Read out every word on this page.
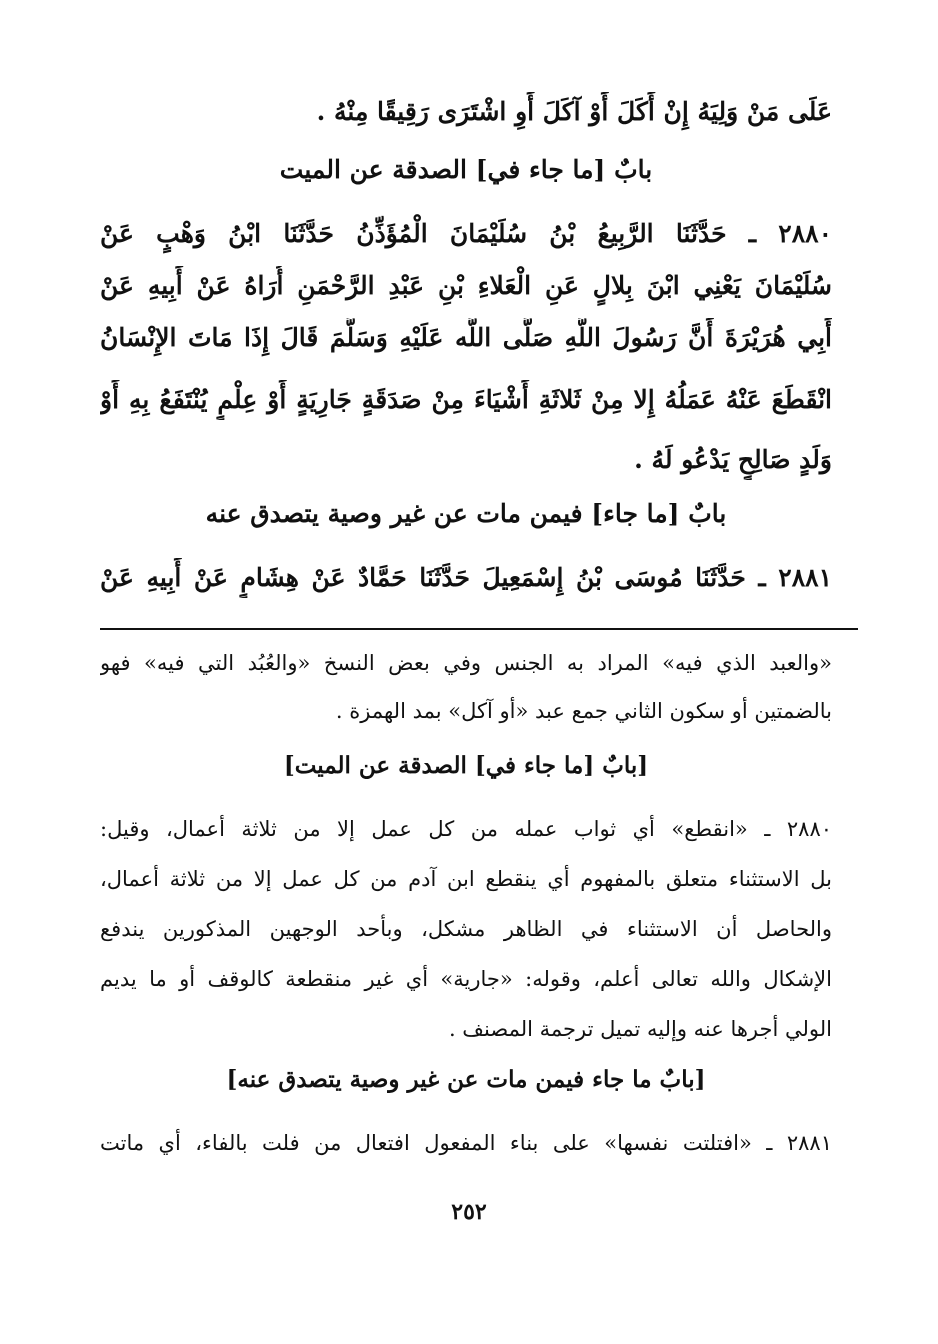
عَلَى مَنْ وَلِيَهُ إِنْ أَكَلَ أَوْ آكَلَ أَوِ اشْتَرَى رَقِيقًا مِنْهُ .
بابٌ [ما جاء في] الصدقة عن الميت
٢٨٨٠ ـ حَدَّثَنَا الرَّبِيعُ بْنُ سُلَيْمَانَ الْمُؤَذِّنُ حَدَّثَنَا ابْنُ وَهْبٍ عَنْ
سُلَيْمَانَ يَعْنِي ابْنَ بِلالٍ عَنِ الْعَلاءِ بْنِ عَبْدِ الرَّحْمَنِ أُرَاهُ عَنْ أَبِيهِ عَنْ
أَبِي هُرَيْرَةَ أَنَّ رَسُولَ اللَّهِ صَلَّى اللَّه عَلَيْهِ وَسَلَّمَ قَالَ إِذَا مَاتَ الإِنْسَانُ
انْقَطَعَ عَنْهُ عَمَلُهُ إِلا مِنْ ثَلاثَةِ أَشْيَاءَ مِنْ صَدَقَةٍ جَارِيَةٍ أَوْ عِلْمٍ يُنْتَفَعُ بِهِ أَوْ
وَلَدٍ صَالِحٍ يَدْعُو لَهُ .
بابٌ [ما جاء] فيمن مات عن غير وصية يتصدق عنه
٢٨٨١ ـ حَدَّثَنَا مُوسَى بْنُ إِسْمَعِيلَ حَدَّثَنَا حَمَّادٌ عَنْ هِشَامٍ عَنْ أَبِيهِ عَنْ
«والعبد الذي فيه» المراد به الجنس وفي بعض النسخ «والعُبُد التي فيه» فهو
بالضمتين أو سكون الثاني جمع عبد «أو آكل» بمد الهمزة .
[بابٌ [ما جاء في] الصدقة عن الميت]
٢٨٨٠ ـ «انقطع» أي ثواب عمله من كل عمل إلا من ثلاثة أعمال، وقيل:
بل الاستثناء متعلق بالمفهوم أي ينقطع ابن آدم من كل عمل إلا من ثلاثة أعمال،
والحاصل أن الاستثناء في الظاهر مشكل، وبأحد الوجهين المذكورين يندفع
الإشكال والله تعالى أعلم، وقوله: «جارية» أي غير منقطعة كالوقف أو ما يديم
الولي أجرها عنه وإليه تميل ترجمة المصنف .
[بابٌ ما جاء فيمن مات عن غير وصية يتصدق عنه]
٢٨٨١ ـ «افتلتت نفسها» على بناء المفعول افتعال من فلت بالفاء، أي ماتت
٢٥٢
